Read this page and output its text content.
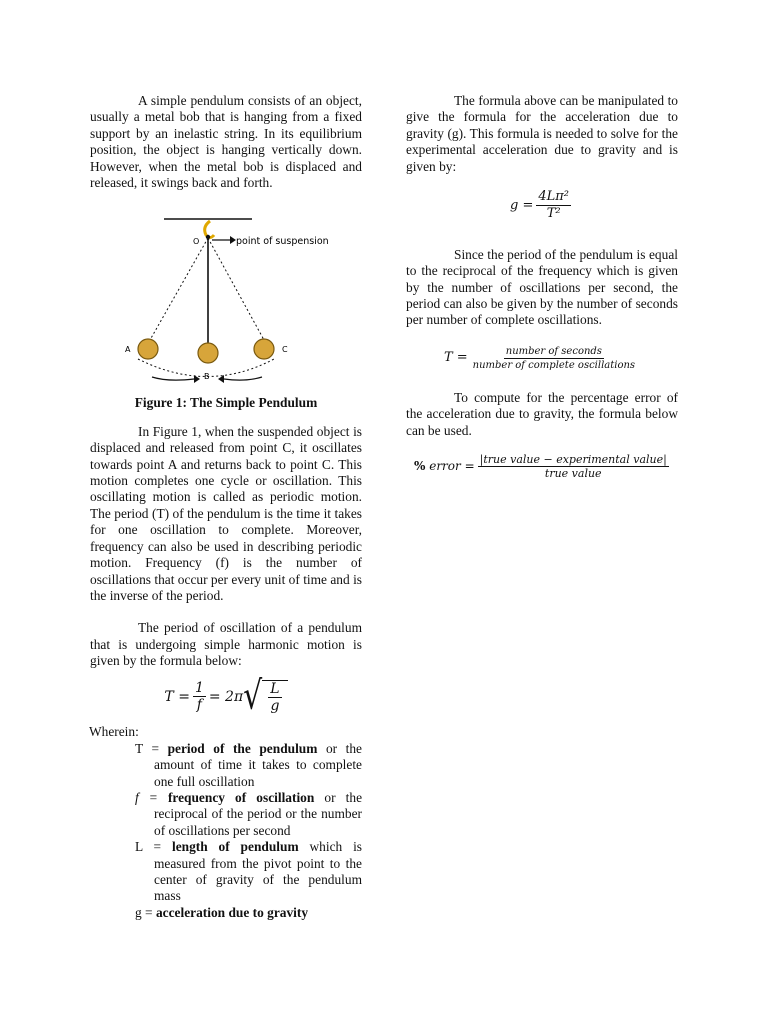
A simple pendulum consists of an object, usually a metal bob that is hanging from a fixed support by an inelastic string. In its equilibrium position, the object is hanging vertically down. However, when the metal bob is displaced and released, it swings back and forth.

O	point of suspension
A	C
B

Figure 1: The Simple Pendulum

In Figure 1, when the suspended object is displaced and released from point C, it oscillates towards point A and returns back to point C. This motion completes one cycle or oscillation. This oscillating motion is called as periodic motion. The period (T) of the pendulum is the time it takes for one oscillation to complete. Moreover, frequency can also be used in describing periodic motion. Frequency (f) is the number of oscillations that occur per every unit of time and is the inverse of the period.

The period of oscillation of a pendulum that is undergoing simple harmonic motion is given by the formula below:

$T = \frac{1}{f} = 2\pi$ √ $\frac{L}{g}$
Wherein:
T = period of the pendulum or the amount of time it takes to complete one full oscillation
f = frequency of oscillation or the reciprocal of the period or the number of oscillations per second
L = length of pendulum which is measured from the pivot point to the center of gravity of the pendulum mass
g = acceleration due to gravity

The formula above can be manipulated to give the formula for the acceleration due to gravity (g). This formula is needed to solve for the experimental acceleration due to gravity and is given by:

$g = \frac{\text{4Lπ²}}{\text{T²}}$

Since the period of the pendulum is equal to the reciprocal of the frequency which is given by the number of oscillations per second, the period can also be given by the number of seconds per number of complete oscillations.

$T = \frac{\text{number of seconds}}{\text{number of complete oscillations}}$

To compute for the percentage error of the acceleration due to gravity, the formula below can be used.

% error = $\frac{\text{|true value − experimental value|}}{\text{true value}}$
